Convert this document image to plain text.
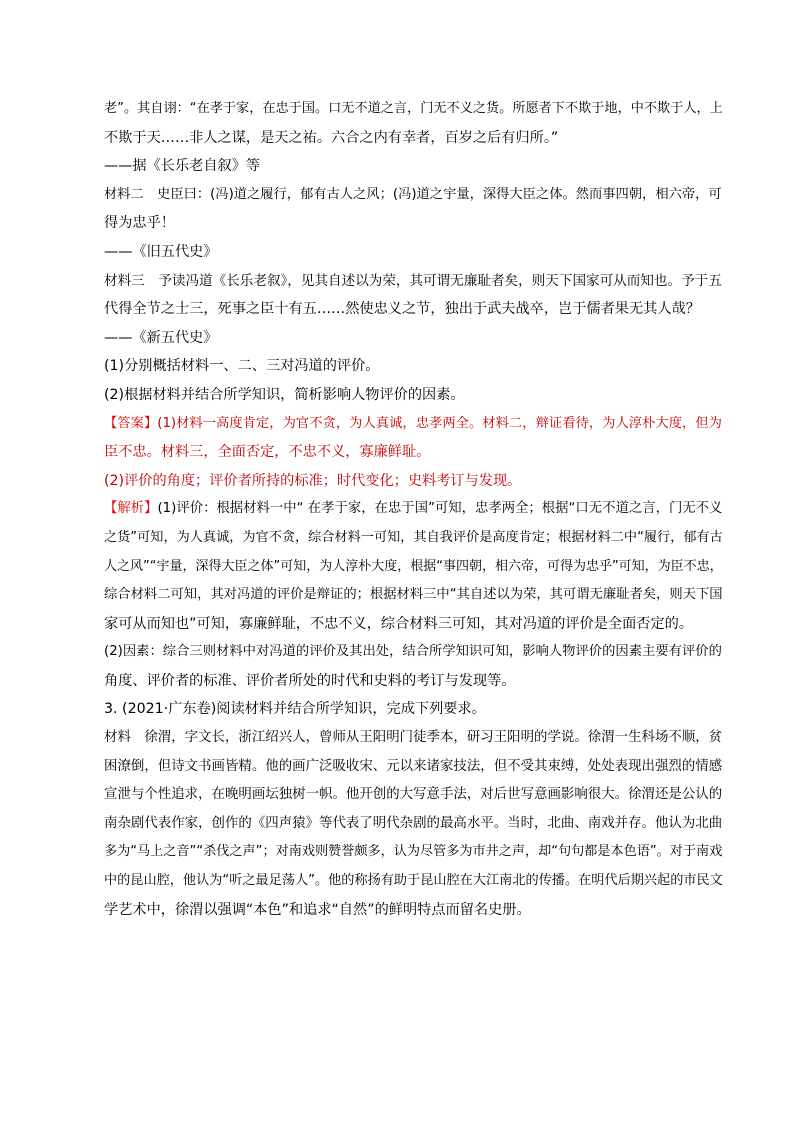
老”。其自诩：“在孝于家，在忠于国。口无不道之言，门无不义之货。所愿者下不欺于地，中不欺于人，上
不欺于天……非人之谋，是天之祐。六合之内有幸者，百岁之后有归所。”
——据《长乐老自叙》等
材料二　史臣曰：(冯)道之履行，郁有古人之风；(冯)道之宇量，深得大臣之体。然而事四朝，相六帝，可
得为忠乎！
——《旧五代史》
材料三　予读冯道《长乐老叙》，见其自述以为荣，其可谓无廉耻者矣，则天下国家可从而知也。予于五
代得全节之士三，死事之臣十有五……然使忠义之节，独出于武夫战卒，岂于儒者果无其人哉？
——《新五代史》
(1)分别概括材料一、二、三对冯道的评价。
(2)根据材料并结合所学知识，简析影响人物评价的因素。
【答案】(1)材料一高度肯定，为官不贪，为人真诚，忠孝两全。材料二，辩证看待，为人淳朴大度，但为
臣不忠。材料三，全面否定，不忠不义，寡廉鲜耻。
(2)评价的角度；评价者所持的标准；时代变化；史料考订与发现。
【解析】(1)评价：根据材料一中“ 在孝于家，在忠于国”可知，忠孝两全；根据“口无不道之言，门无不义
之货”可知，为人真诚，为官不贪，综合材料一可知，其自我评价是高度肯定；根据材料二中“履行，郁有古
人之风”“宇量，深得大臣之体”可知，为人淳朴大度，根据“事四朝，相六帝，可得为忠乎”可知，为臣不忠，
综合材料二可知，其对冯道的评价是辩证的；根据材料三中“其自述以为荣，其可谓无廉耻者矣，则天下国
家可从而知也”可知，寡廉鲜耻，不忠不义，综合材料三可知，其对冯道的评价是全面否定的。
(2)因素：综合三则材料中对冯道的评价及其出处，结合所学知识可知，影响人物评价的因素主要有评价的
角度、评价者的标准、评价者所处的时代和史料的考订与发现等。
3. (2021·广东卷)阅读材料并结合所学知识，完成下列要求。
材料　徐渭，字文长，浙江绍兴人，曾师从王阳明门徒季本，研习王阳明的学说。徐渭一生科场不顺，贫
困潦倒，但诗文书画皆精。他的画广泛吸收宋、元以来诸家技法，但不受其束缚，处处表现出强烈的情感
宣泄与个性追求，在晚明画坛独树一帜。他开创的大写意手法，对后世写意画影响很大。徐渭还是公认的
南杂剧代表作家，创作的《四声猿》等代表了明代杂剧的最高水平。当时，北曲、南戏并存。他认为北曲
多为“马上之音”“杀伐之声”；对南戏则赞誉颇多，认为尽管多为市井之声，却“句句都是本色语”。对于南戏
中的昆山腔，他认为“听之最足荡人”。他的称扬有助于昆山腔在大江南北的传播。在明代后期兴起的市民文
学艺术中，徐渭以强调“本色”和追求“自然”的鲜明特点而留名史册。
